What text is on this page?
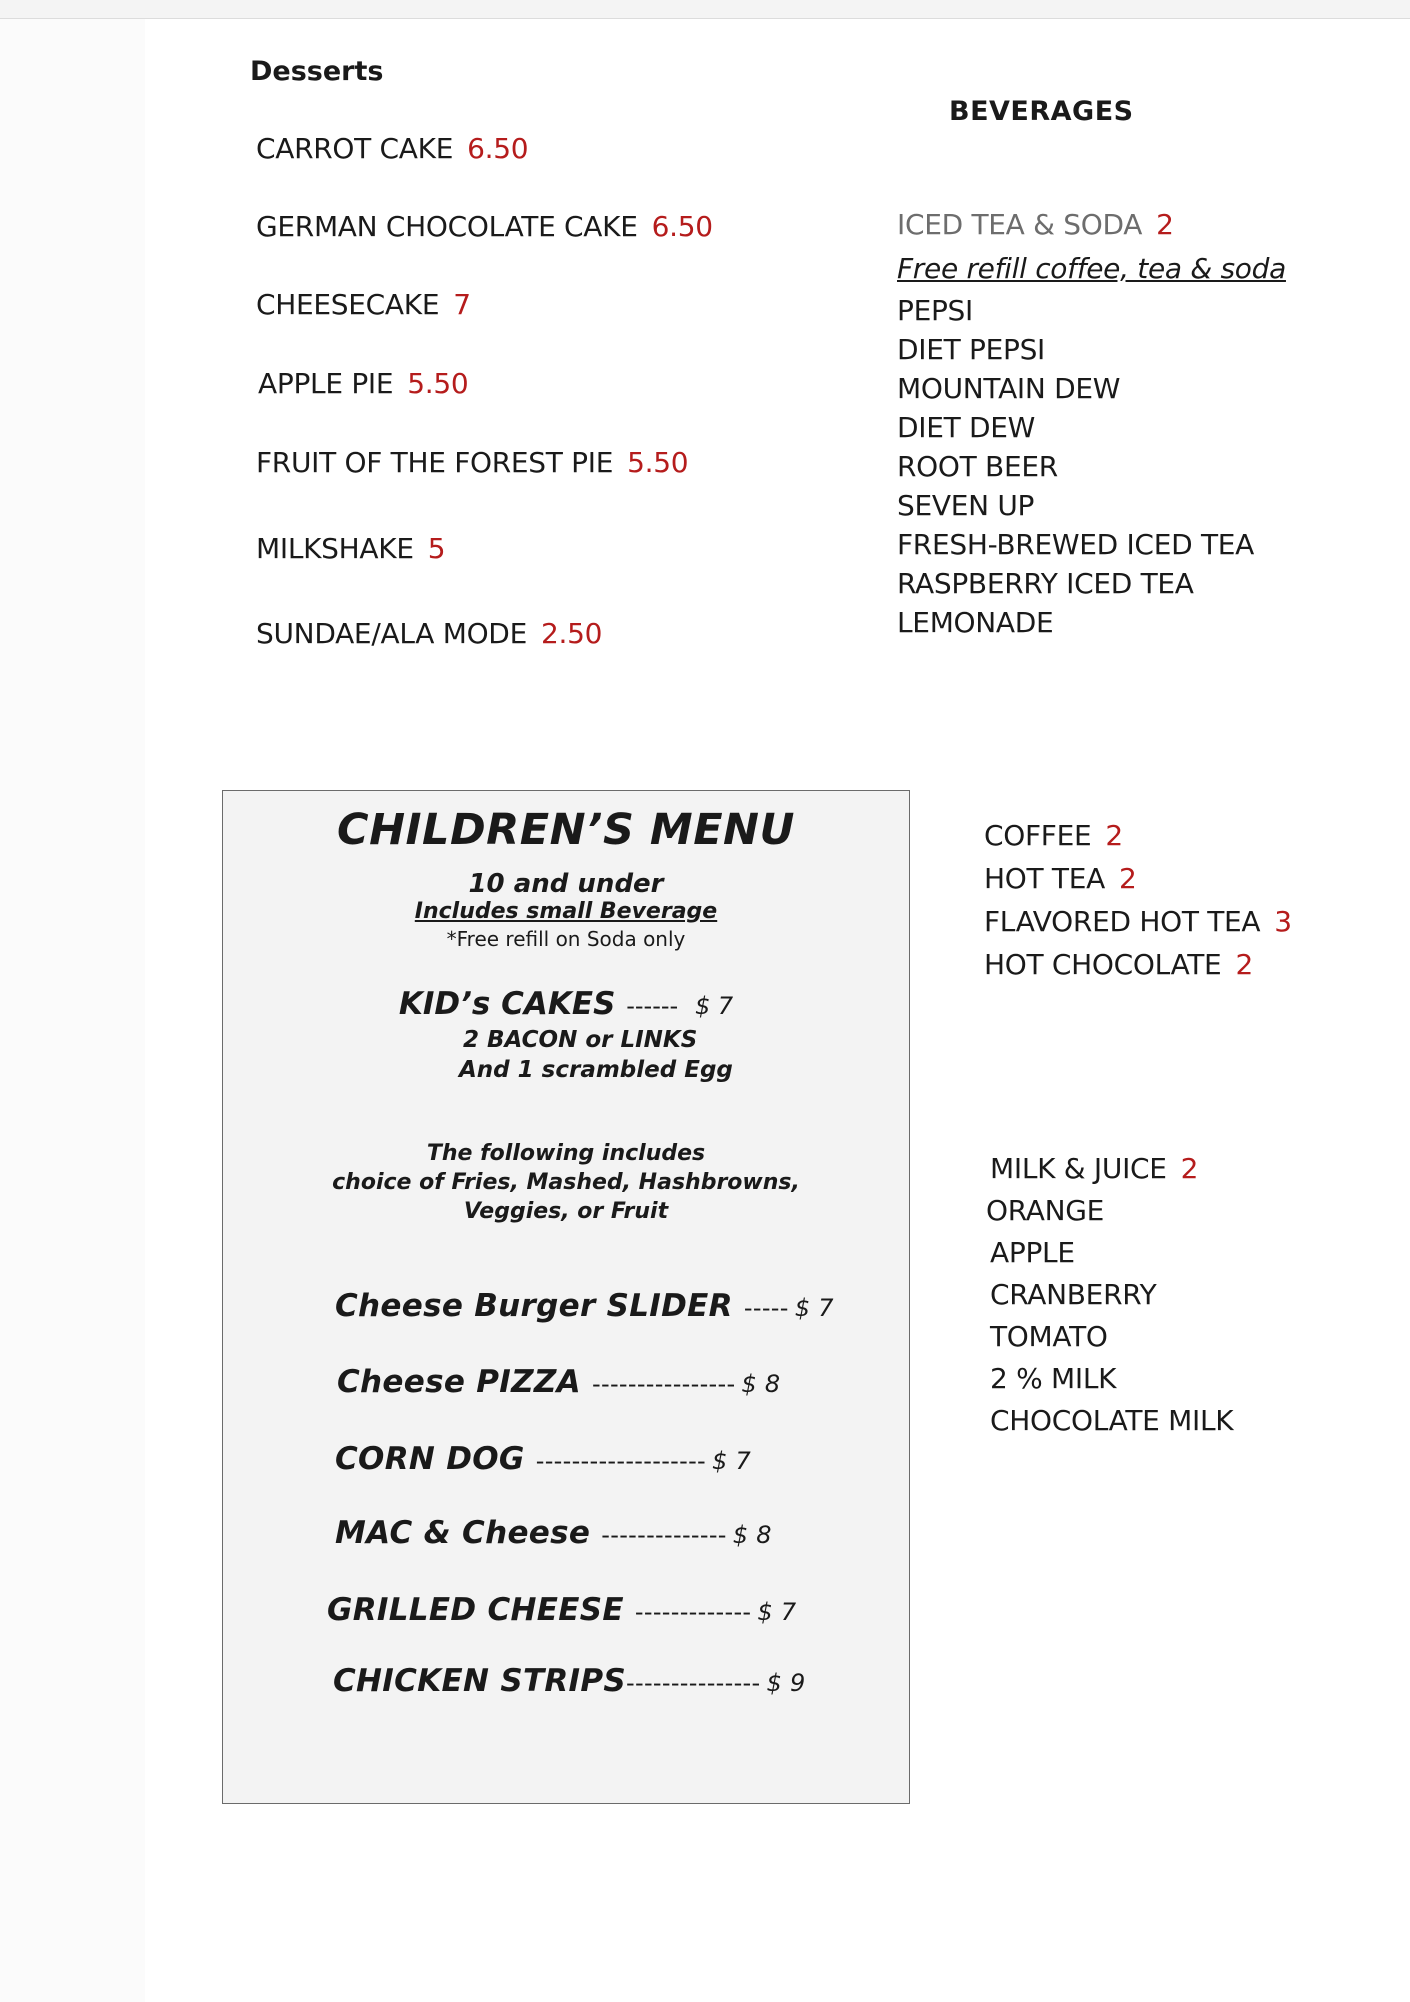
Desserts
CARROT CAKE 6.50
GERMAN CHOCOLATE CAKE 6.50
CHEESECAKE 7
APPLE PIE 5.50
FRUIT OF THE FOREST PIE 5.50
MILKSHAKE 5
SUNDAE/ALA MODE 2.50
BEVERAGES
ICED TEA & SODA 2
Free refill coffee, tea & soda
PEPSI
DIET PEPSI
MOUNTAIN DEW
DIET DEW
ROOT BEER
SEVEN UP
FRESH-BREWED ICED TEA
RASPBERRY ICED TEA
LEMONADE
COFFEE 2
HOT TEA 2
FLAVORED HOT TEA 3
HOT CHOCOLATE 2
MILK & JUICE 2
ORANGE
APPLE
CRANBERRY
TOMATO
2 % MILK
CHOCOLATE MILK
CHILDREN’S MENU
10 and under
Includes small Beverage
*Free refill on Soda only
KID’s CAKES ------ $ 7
2 BACON or LINKS
And 1 scrambled Egg
The following includes
choice of Fries, Mashed, Hashbrowns,
Veggies, or Fruit
Cheese Burger SLIDER ----- $ 7
Cheese PIZZA ---------------- $ 8
CORN DOG ------------------- $ 7
MAC & Cheese -------------- $ 8
GRILLED CHEESE ------------- $ 7
CHICKEN STRIPS--------------- $ 9
